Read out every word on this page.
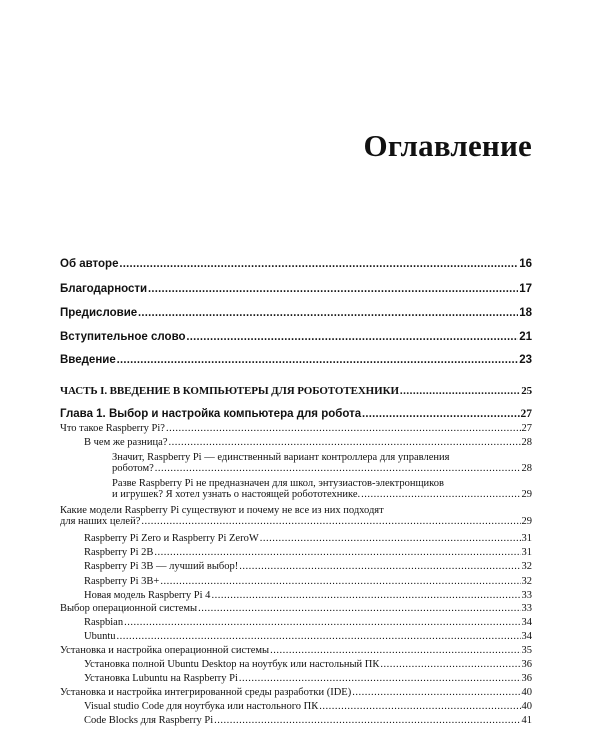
Оглавление
Об авторе .....	16
Благодарности .....	17
Предисловие .....	18
Вступительное слово .....	21
Введение .....	23
ЧАСТЬ I. ВВЕДЕНИЕ В КОМПЬЮТЕРЫ ДЛЯ РОБОТОТЕХНИКИ .....	25
Глава 1. Выбор и настройка компьютера для робота .....	27
Что такое Raspberry Pi? .....	27
В чем же разница? .....	28
Значит, Raspberry Pi — единственный вариант контроллера для управления
роботом? .....	28
Разве Raspberry Pi не предназначен для школ, энтузиастов-электронщиков
и игрушек? Я хотел узнать о настоящей робототехнике. .....	29
Какие модели Raspberry Pi существуют и почему не все из них подходят
для наших целей? .....	29
Raspberry Pi Zero и Raspberry Pi ZeroW .....	31
Raspberry Pi 2B .....	31
Raspberry Pi 3B — лучший выбор! .....	32
Raspberry Pi 3B+ .....	32
Новая модель Raspberry Pi 4 .....	33
Выбор операционной системы .....	33
Raspbian .....	34
Ubuntu .....	34
Установка и настройка операционной системы .....	35
Установка полной Ubuntu Desktop на ноутбук или настольный ПК .....	36
Установка Lubuntu на Raspberry Pi .....	36
Установка и настройка интегрированной среды разработки (IDE) .....	40
Visual studio Code для ноутбука или настольного ПК .....	40
Code Blocks для Raspberry Pi .....	41
